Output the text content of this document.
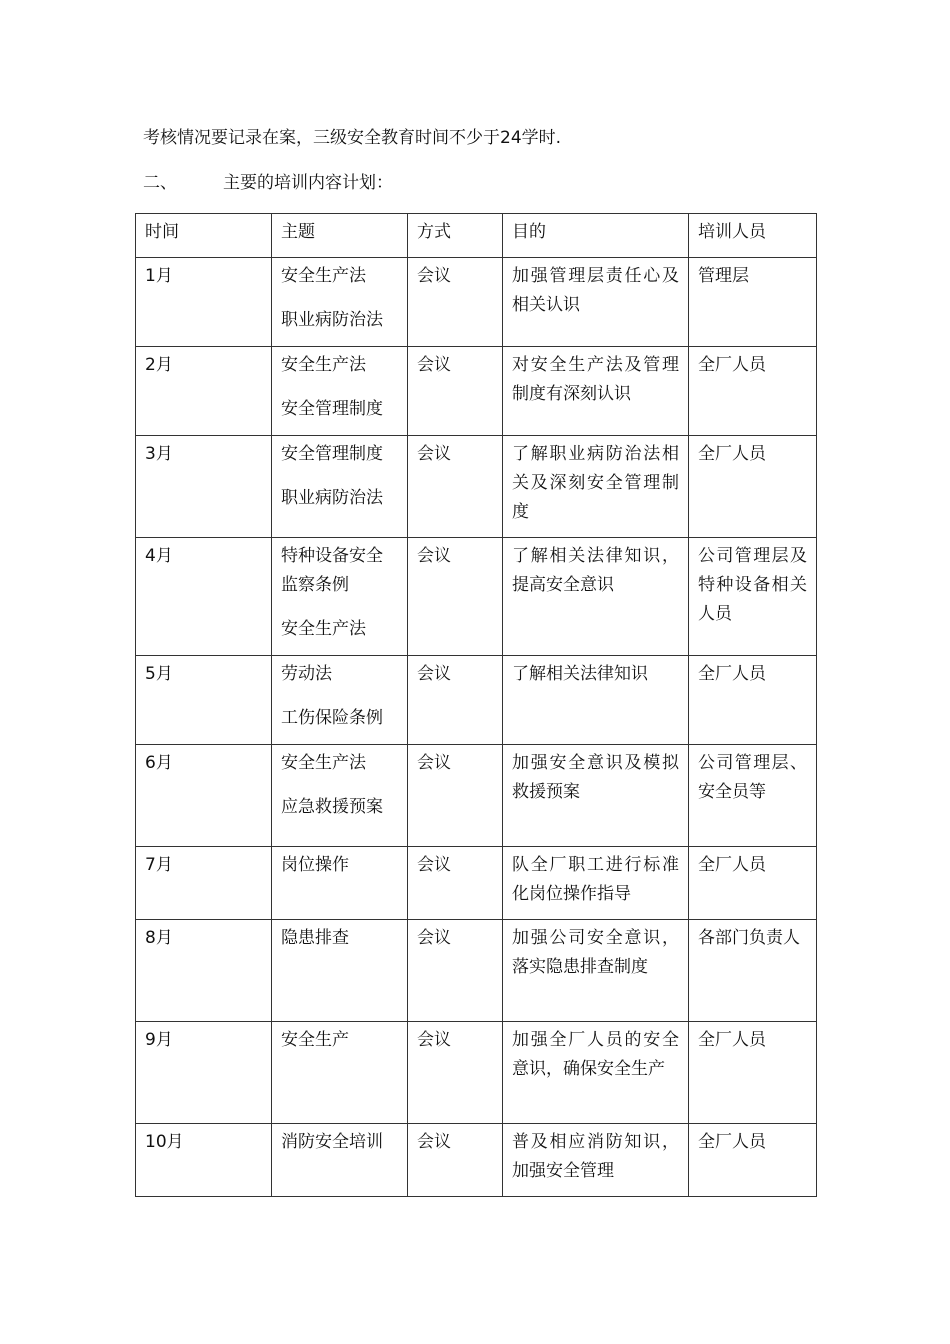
考核情况要记录在案，三级安全教育时间不少于24学时.
二、	主要的培训内容计划：
时间	主题	方式	目的	培训人员
1月	安全生产法
职业病防治法	会议	加强管理层责任心及相关认识	管理层
2月	安全生产法
安全管理制度	会议	对安全生产法及管理制度有深刻认识	全厂人员
3月	安全管理制度
职业病防治法	会议	了解职业病防治法相关及深刻安全管理制度	全厂人员
4月	特种设备安全监察条例
安全生产法	会议	了解相关法律知识，提高安全意识	公司管理层及特种设备相关人员
5月	劳动法
工伤保险条例	会议	了解相关法律知识	全厂人员
6月	安全生产法
应急救援预案	会议	加强安全意识及模拟救援预案	公司管理层、安全员等
7月	岗位操作	会议	队全厂职工进行标准化岗位操作指导	全厂人员
8月	隐患排查	会议	加强公司安全意识，落实隐患排查制度	各部门负责人
9月	安全生产	会议	加强全厂人员的安全意识，确保安全生产	全厂人员
10月	消防安全培训	会议	普及相应消防知识，加强安全管理	全厂人员
